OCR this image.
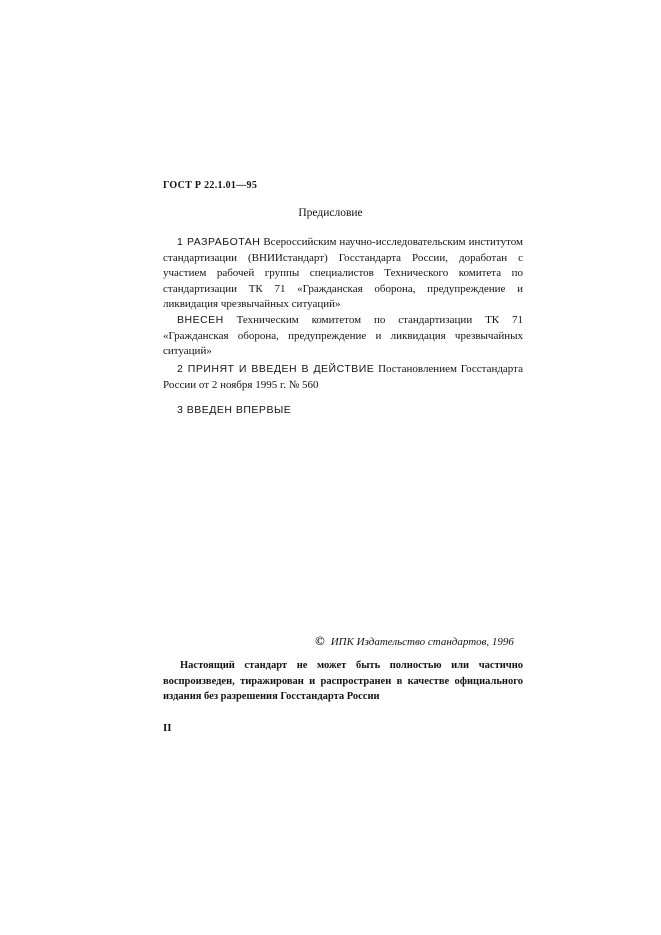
ГОСТ Р 22.1.01—95
Предисловие
1 РАЗРАБОТАН Всероссийским научно-исследовательским институтом стандартизации (ВНИИстандарт) Госстандарта России, доработан с участием рабочей группы специалистов Технического комитета по стандартизации ТК 71 «Гражданская оборона, предупреждение и ликвидация чрезвычайных ситуаций»
ВНЕСЕН Техническим комитетом по стандартизации ТК 71 «Гражданская оборона, предупреждение и ликвидация чрезвычайных ситуаций»
2 ПРИНЯТ И ВВЕДЕН В ДЕЙСТВИЕ Постановлением Госстандарта России от 2 ноября 1995 г. № 560
3 ВВЕДЕН ВПЕРВЫЕ
© ИПК Издательство стандартов, 1996
Настоящий стандарт не может быть полностью или частично воспроизведен, тиражирован и распространен в качестве официального издания без разрешения Госстандарта России
II
